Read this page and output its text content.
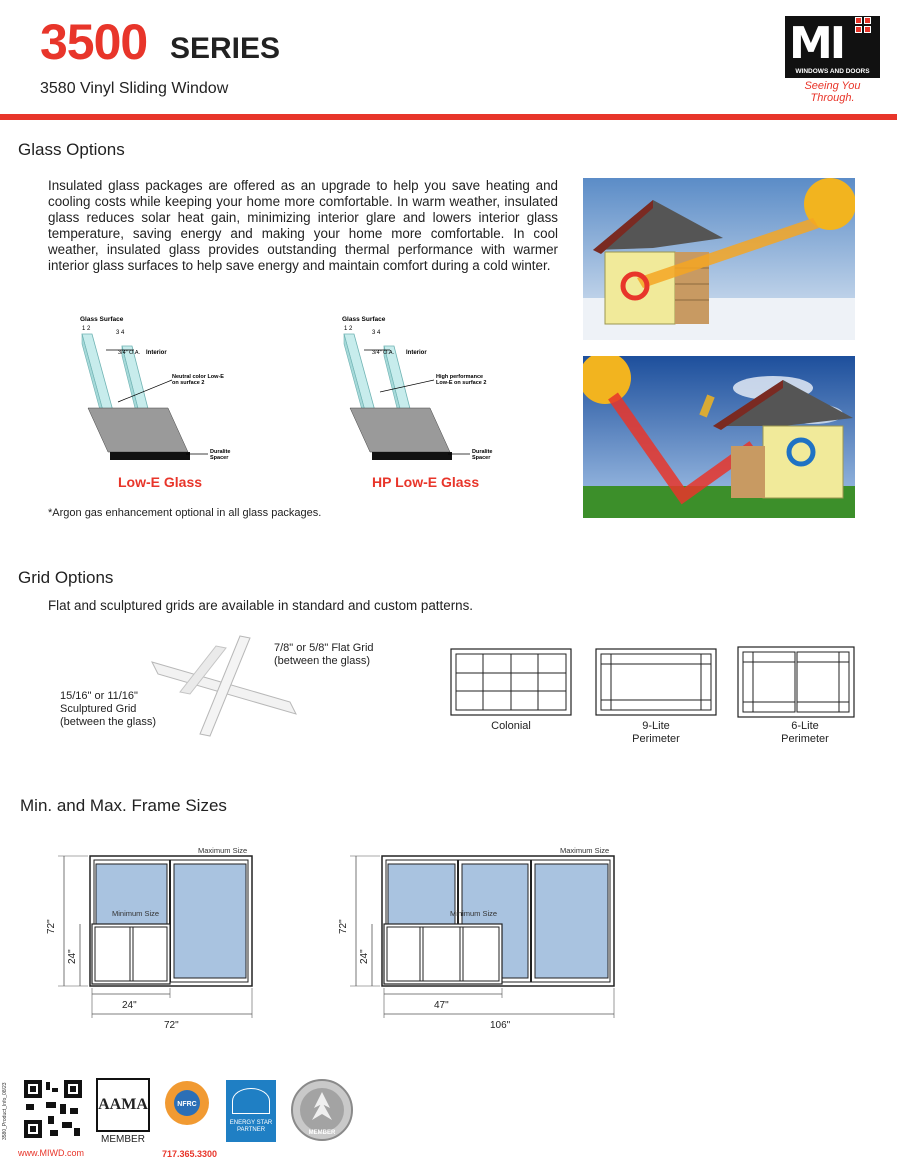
3500 SERIES
3580 Vinyl Sliding Window
MI
WINDOWS AND DOORS
Seeing You Through.
Glass Options
Insulated glass packages are offered as an upgrade to help you save heating and cooling costs while keeping your home more comfortable. In warm weather, insulated glass reduces solar heat gain, minimizing interior glare and lowers interior glass temperature, saving energy and making your home more comfortable. In cool weather, insulated glass provides outstanding thermal performance with warmer interior glass surfaces to help save energy and maintain comfort during a cold winter.
Glass Surface
1 2
3 4
3/4" O.A. Interior
Neutral color Low-E
on surface 2
Duralite
Spacer
Low-E Glass
Glass Surface
1 2
3 4
3/4" O.A. Interior
High performance
Low-E on surface 2
Duralite
Spacer
HP Low-E Glass
*Argon gas enhancement optional in all glass packages.
Grid Options
Flat and sculptured grids are available in standard and custom patterns.
7/8" or 5/8" Flat Grid
(between the glass)
15/16" or 11/16"
Sculptured Grid
(between the glass)	Colonial	9-Lite
Perimeter
6-Lite
Perimeter
Min. and Max. Frame Sizes
Maximum Size
Minimum Size
72"
24"
24"
72"
Maximum Size
Minimum Size
72"
24"
47"
106"
3580_Product_Info_08/23
www.MIWD.com
AAMA
MEMBER
NFRC
717.365.3300
ENERGY STAR
PARTNER	MEMBER
